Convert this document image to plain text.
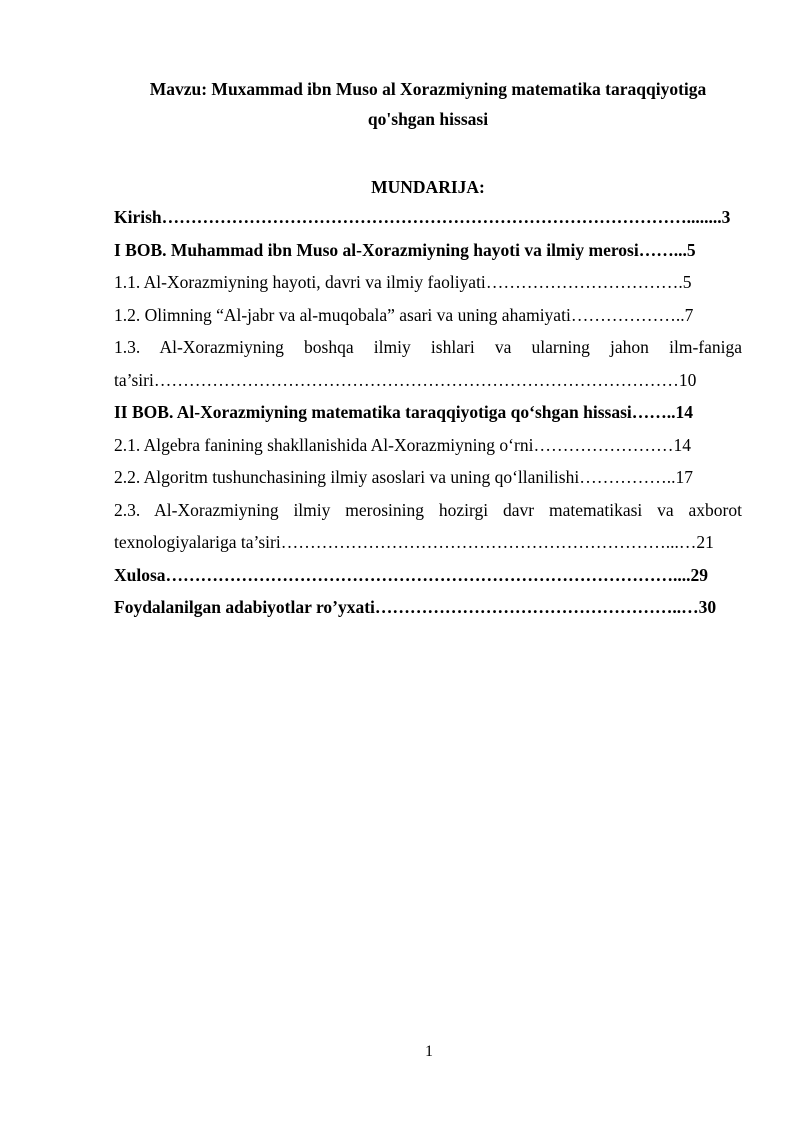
Mavzu: Muxammad ibn Muso al Xorazmiyning matematika taraqqiyotiga qo'shgan hissasi
MUNDARIJA:
Kirish………………………………………………………………………………........3
I BOB. Muhammad ibn Muso al-Xorazmiyning hayoti va ilmiy merosi……...5
1.1. Al-Xorazmiyning hayoti, davri va ilmiy faoliyati…………………………….5
1.2. Olimning “Al-jabr va al-muqobala” asari va uning ahamiyati………………..7
1.3. Al-Xorazmiyning boshqa ilmiy ishlari va ularning jahon ilm-faniga
ta’siri………………………………………………………………………………10
II BOB. Al-Xorazmiyning matematika taraqqiyotiga qo‘shgan hissasi……..14
2.1. Algebra fanining shakllanishida Al-Xorazmiyning o‘rni……………………14
2.2. Algoritm tushunchasining ilmiy asoslari va uning qo‘llanilishi……………..17
2.3. Al-Xorazmiyning ilmiy merosining hozirgi davr matematikasi va axborot
texnologiyalariga ta’siri…………………………………………………………...…21
Xulosa……………………………………………………………………………....29
Foydalanilgan adabiyotlar ro’yxati……………………………………………..…30
1
